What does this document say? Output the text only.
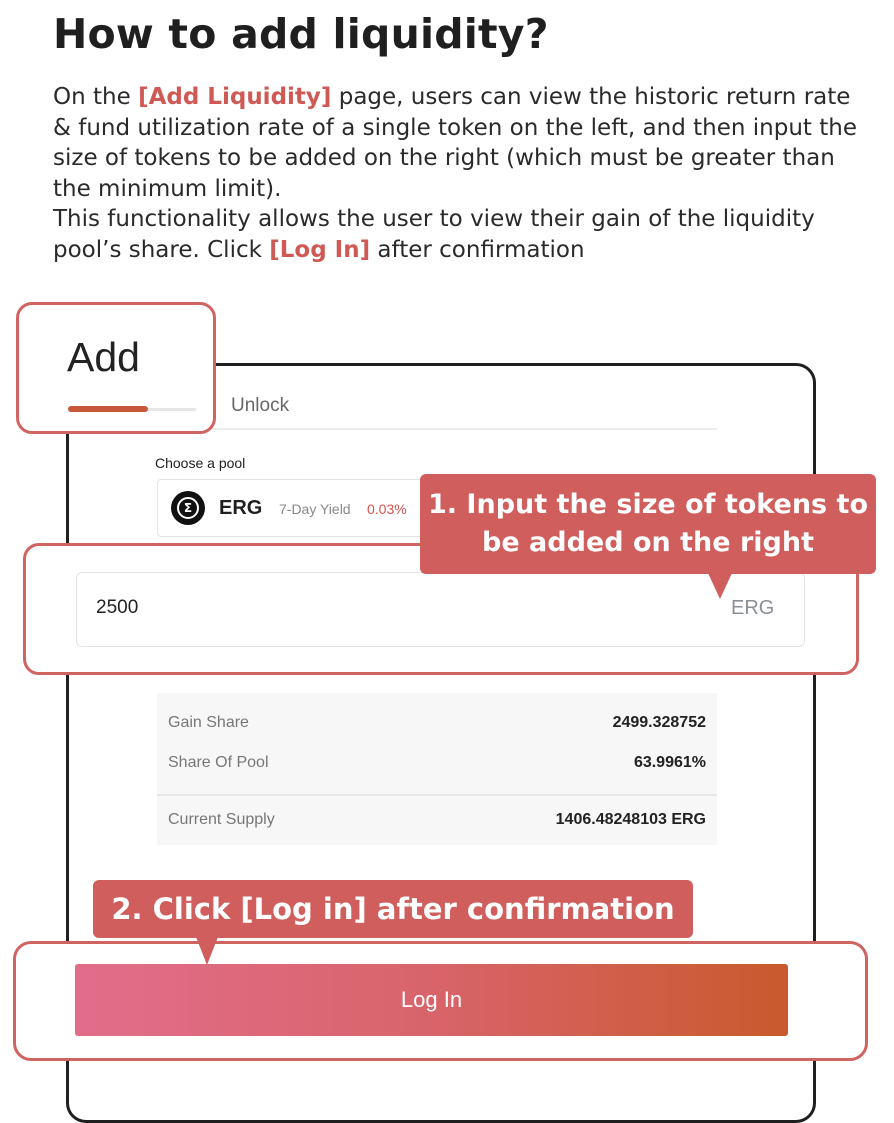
How to add liquidity?

On the [Add Liquidity] page, users can view the historic return rate & fund utilization rate of a single token on the left, and then input the size of tokens to be added on the right (which must be greater than the minimum limit).
This functionality allows the user to view their gain of the liquidity pool’s share. Click [Log In] after confirmation

Unlock
Add
Choose a pool
Σ	ERG 7-Day Yield 0.03%
2500	ERG
1. Input the size of tokens to
be added on the right
Gain Share	2499.328752
Share Of Pool	63.9961%
Current Supply	1406.48248103 ERG
Log In
2. Click [Log in] after confirmation
